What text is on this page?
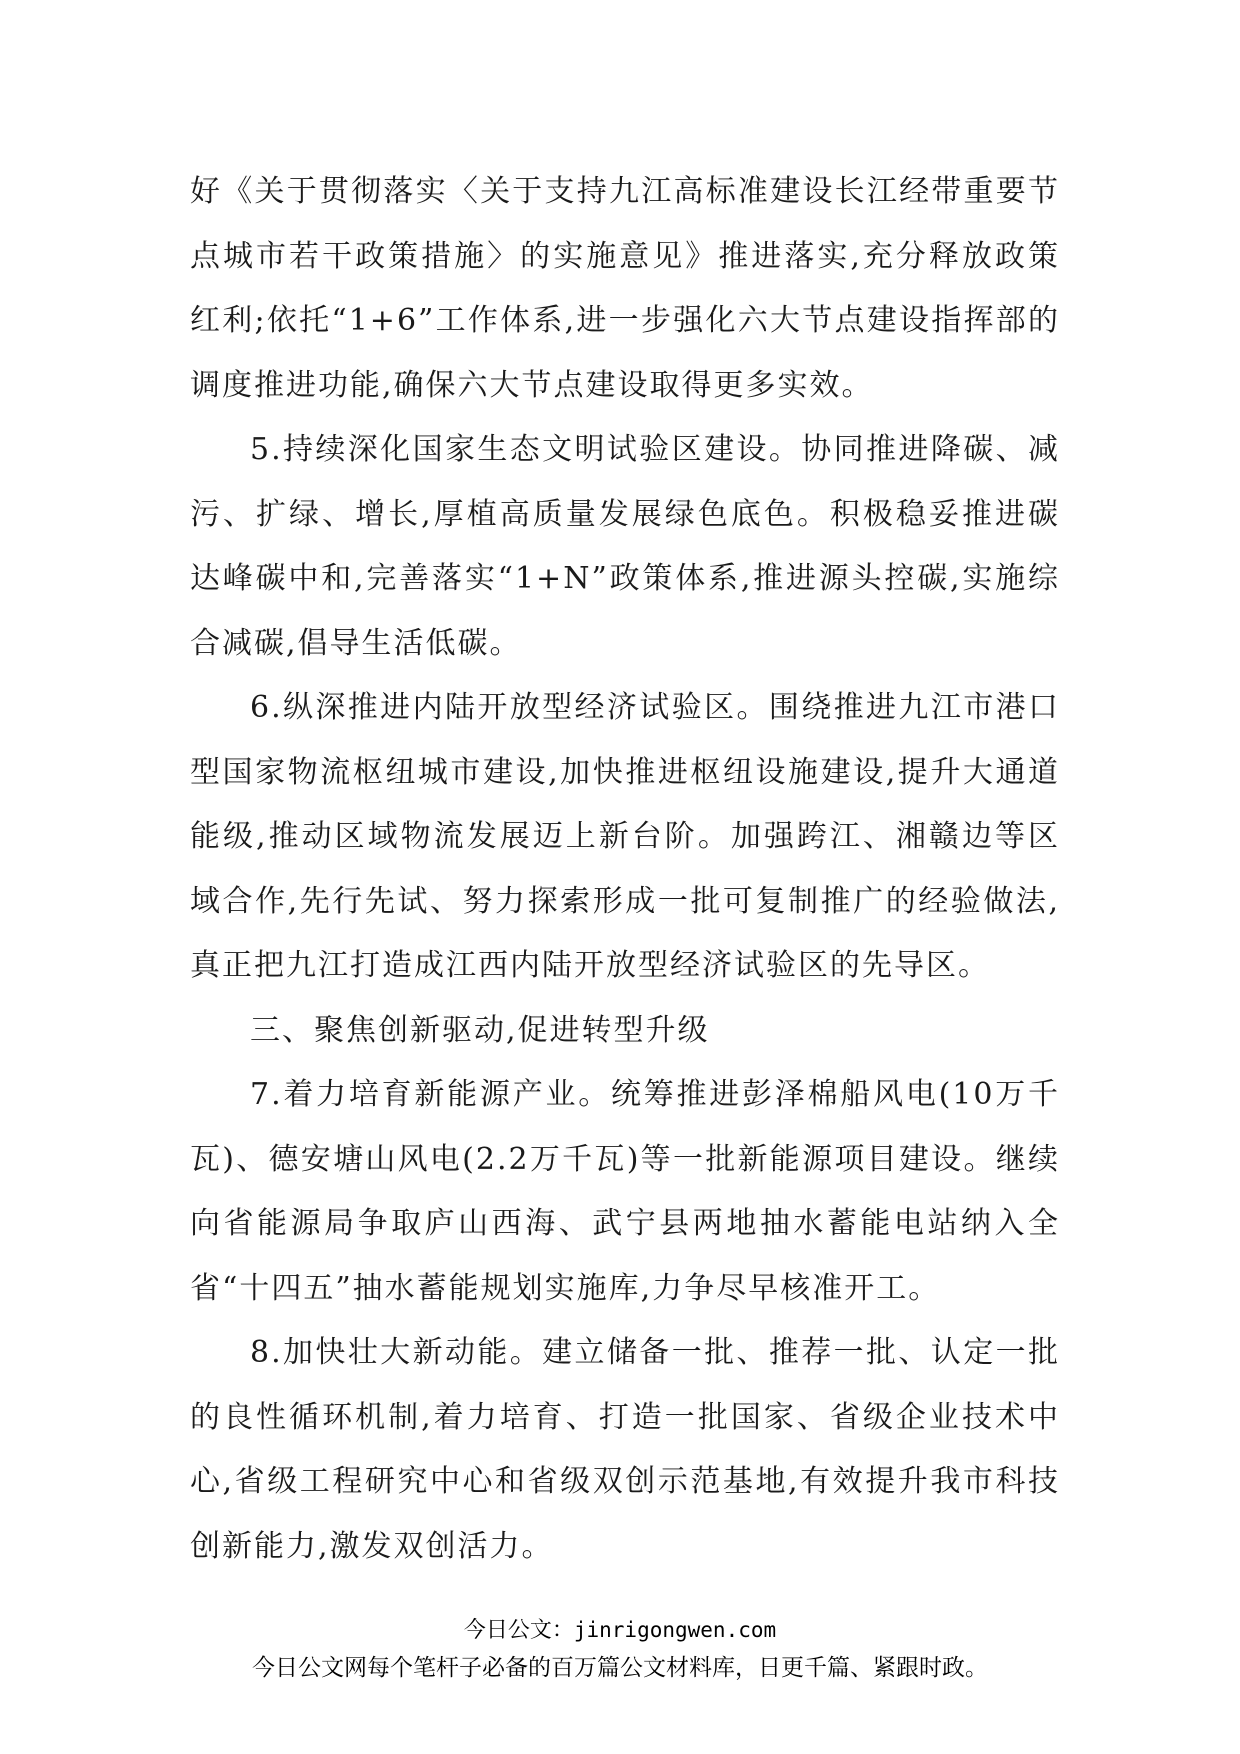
好《关于贯彻落实〈关于支持九江高标准建设长江经带重要节点城市若干政策措施〉的实施意见》推进落实,充分释放政策红利;依托“1+6”工作体系,进一步强化六大节点建设指挥部的调度推进功能,确保六大节点建设取得更多实效。

5.持续深化国家生态文明试验区建设。协同推进降碳、减污、扩绿、增长,厚植高质量发展绿色底色。积极稳妥推进碳达峰碳中和,完善落实“1+N”政策体系,推进源头控碳,实施综合减碳,倡导生活低碳。

6.纵深推进内陆开放型经济试验区。围绕推进九江市港口型国家物流枢纽城市建设,加快推进枢纽设施建设,提升大通道能级,推动区域物流发展迈上新台阶。加强跨江、湘赣边等区域合作,先行先试、努力探索形成一批可复制推广的经验做法,真正把九江打造成江西内陆开放型经济试验区的先导区。

三、聚焦创新驱动,促进转型升级

7.着力培育新能源产业。统筹推进彭泽棉船风电(10万千瓦)、德安塘山风电(2.2万千瓦)等一批新能源项目建设。继续向省能源局争取庐山西海、武宁县两地抽水蓄能电站纳入全省“十四五”抽水蓄能规划实施库,力争尽早核准开工。

8.加快壮大新动能。建立储备一批、推荐一批、认定一批的良性循环机制,着力培育、打造一批国家、省级企业技术中心,省级工程研究中心和省级双创示范基地,有效提升我市科技创新能力,激发双创活力。

今日公文：jinrigongwen.com
今日公文网每个笔杆子必备的百万篇公文材料库，日更千篇、紧跟时政。
